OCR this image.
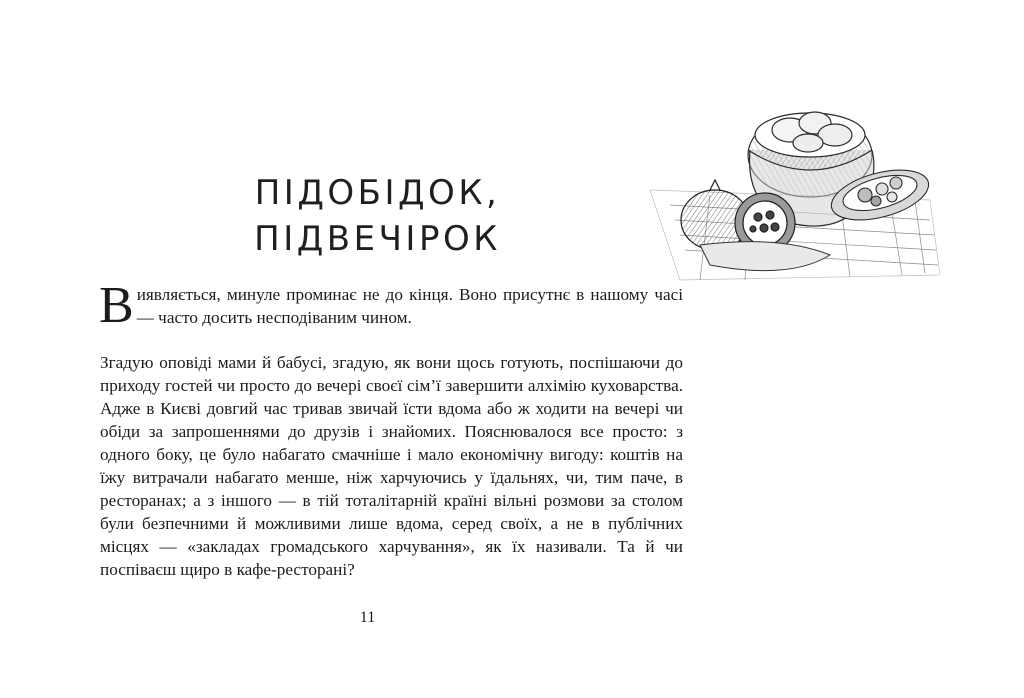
ПІДОБІДОК,
ПІДВЕЧІРОК

Виявляється, минуле проминає не до кінця. Воно присутнє в нашому часі — часто досить несподіваним чином.

Згадую оповіді мами й бабусі, згадую, як вони щось готують, поспішаючи до приходу гостей чи просто до вечері своєї сім’ї завершити алхімію куховарства. Адже в Києві довгий час тривав звичай їсти вдома або ж ходити на вечері чи обіди за запрошеннями до друзів і знайомих. Пояснювалося все просто: з одного боку, це було набагато смачніше і мало економічну вигоду: коштів на їжу витрачали набагато менше, ніж харчуючись у їдальнях, чи, тим паче, в ресторанах; а з іншого — в тій тоталітарній країні вільні розмови за столом були безпечними й можливими лише вдома, серед своїх, а не в публічних місцях — «закладах громадського харчування», як їх називали. Та й чи поспіваєш щиро в кафе-ресторані?

11
